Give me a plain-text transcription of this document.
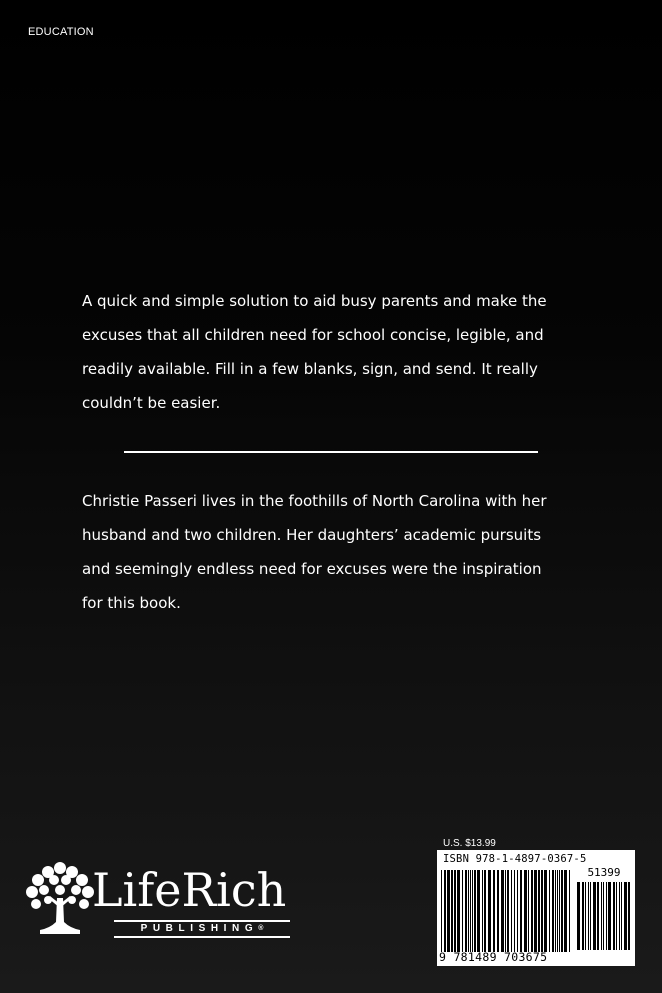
EDUCATION

A quick and simple solution to aid busy parents and make the excuses that all children need for school concise, legible, and readily available. Fill in a few blanks, sign, and send. It really couldn’t be easier.

Christie Passeri lives in the foothills of North Carolina with her husband and two children. Her daughters’ academic pursuits and seemingly endless need for excuses were the inspiration for this book.

LifeRich
PUBLISHING®
U.S. $13.99
ISBN 978-1-4897-0367-5
51399
9 781489 703675
